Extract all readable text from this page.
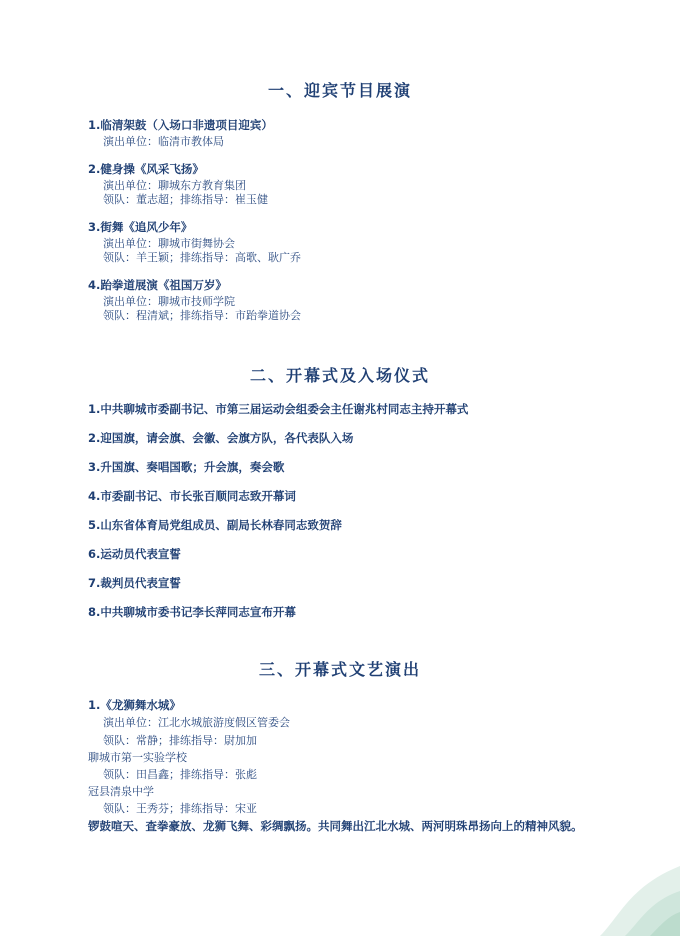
一、迎宾节目展演
1.临清架鼓（入场口非遗项目迎宾）
演出单位：临清市教体局
2.健身操《风采飞扬》
演出单位：聊城东方教育集团
领队：董志超；排练指导：崔玉健
3.街舞《追风少年》
演出单位：聊城市街舞协会
领队：羊王颖；排练指导：高歌、耿广乔
4.跆拳道展演《祖国万岁》
演出单位：聊城市技师学院
领队：程清斌；排练指导：市跆拳道协会
二、开幕式及入场仪式
1.中共聊城市委副书记、市第三届运动会组委会主任谢兆村同志主持开幕式
2.迎国旗，请会旗、会徽、会旗方队，各代表队入场
3.升国旗、奏唱国歌；升会旗，奏会歌
4.市委副书记、市长张百顺同志致开幕词
5.山东省体育局党组成员、副局长林春同志致贺辞
6.运动员代表宣誓
7.裁判员代表宣誓
8.中共聊城市委书记李长萍同志宣布开幕
三、开幕式文艺演出
1.《龙狮舞水城》
演出单位：江北水城旅游度假区管委会
领队：常静；排练指导：尉加加
聊城市第一实验学校
领队：田昌鑫；排练指导：张彪
冠县清泉中学
领队：王秀芬；排练指导：宋亚
锣鼓喧天、查拳豪放、龙狮飞舞、彩绸飘扬。共同舞出江北水城、两河明珠昂扬向上的精神风貌。
